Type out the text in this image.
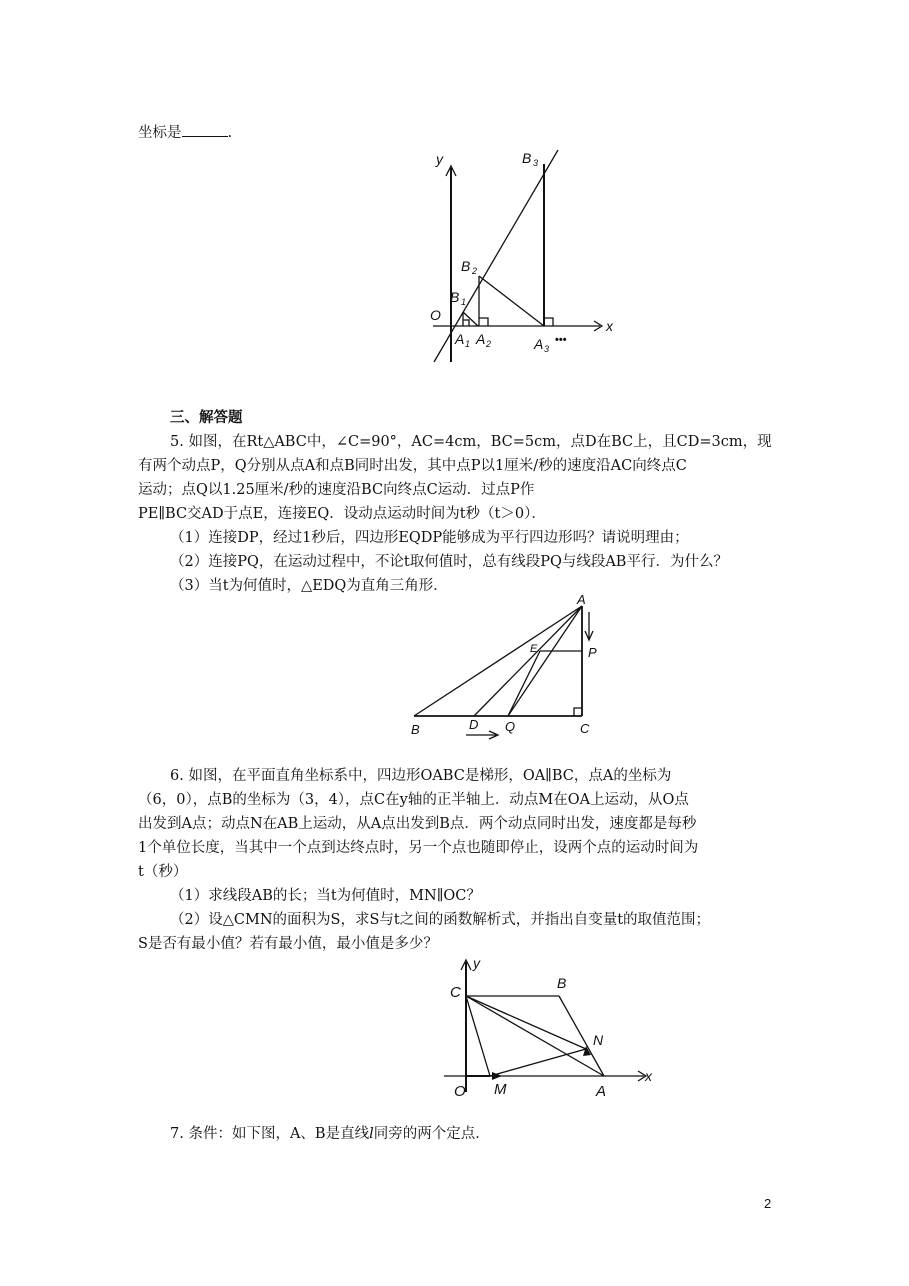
坐标是	.
y
x
O
B 3
B 2
B 1
A 1 A 2	A 3
•••
三、解答题
5. 如图，在Rt△ABC中，∠C=90°，AC=4cm，BC=5cm，点D在BC上，且CD=3cm，现
有两个动点P，Q分别从点A和点B同时出发，其中点P以1厘米/秒的速度沿AC向终点C
运动；点Q以1.25厘米/秒的速度沿BC向终点C运动．过点P作
PE∥BC交AD于点E，连接EQ．设动点运动时间为t秒（t＞0）．
（1）连接DP，经过1秒后，四边形EQDP能够成为平行四边形吗？请说明理由；
（2）连接PQ，在运动过程中，不论t取何值时，总有线段PQ与线段AB平行．为什么？
（3）当t为何值时，△EDQ为直角三角形．
A
E	P
B	D Q	C
6. 如图，在平面直角坐标系中，四边形OABC是梯形，OA∥BC，点A的坐标为
（6，0），点B的坐标为（3，4），点C在y轴的正半轴上．动点M在OA上运动，从O点
出发到A点；动点N在AB上运动，从A点出发到B点．两个动点同时出发，速度都是每秒
1个单位长度，当其中一个点到达终点时，另一个点也随即停止，设两个点的运动时间为
t（秒）
（1）求线段AB的长；当t为何值时，MN∥OC？
（2）设△CMN的面积为S，求S与t之间的函数解析式，并指出自变量t的取值范围；
S是否有最小值？若有最小值，最小值是多少？
y
x
C
B
N
O M	A
7. 条件：如下图，A、B是直线l同旁的两个定点．
2
